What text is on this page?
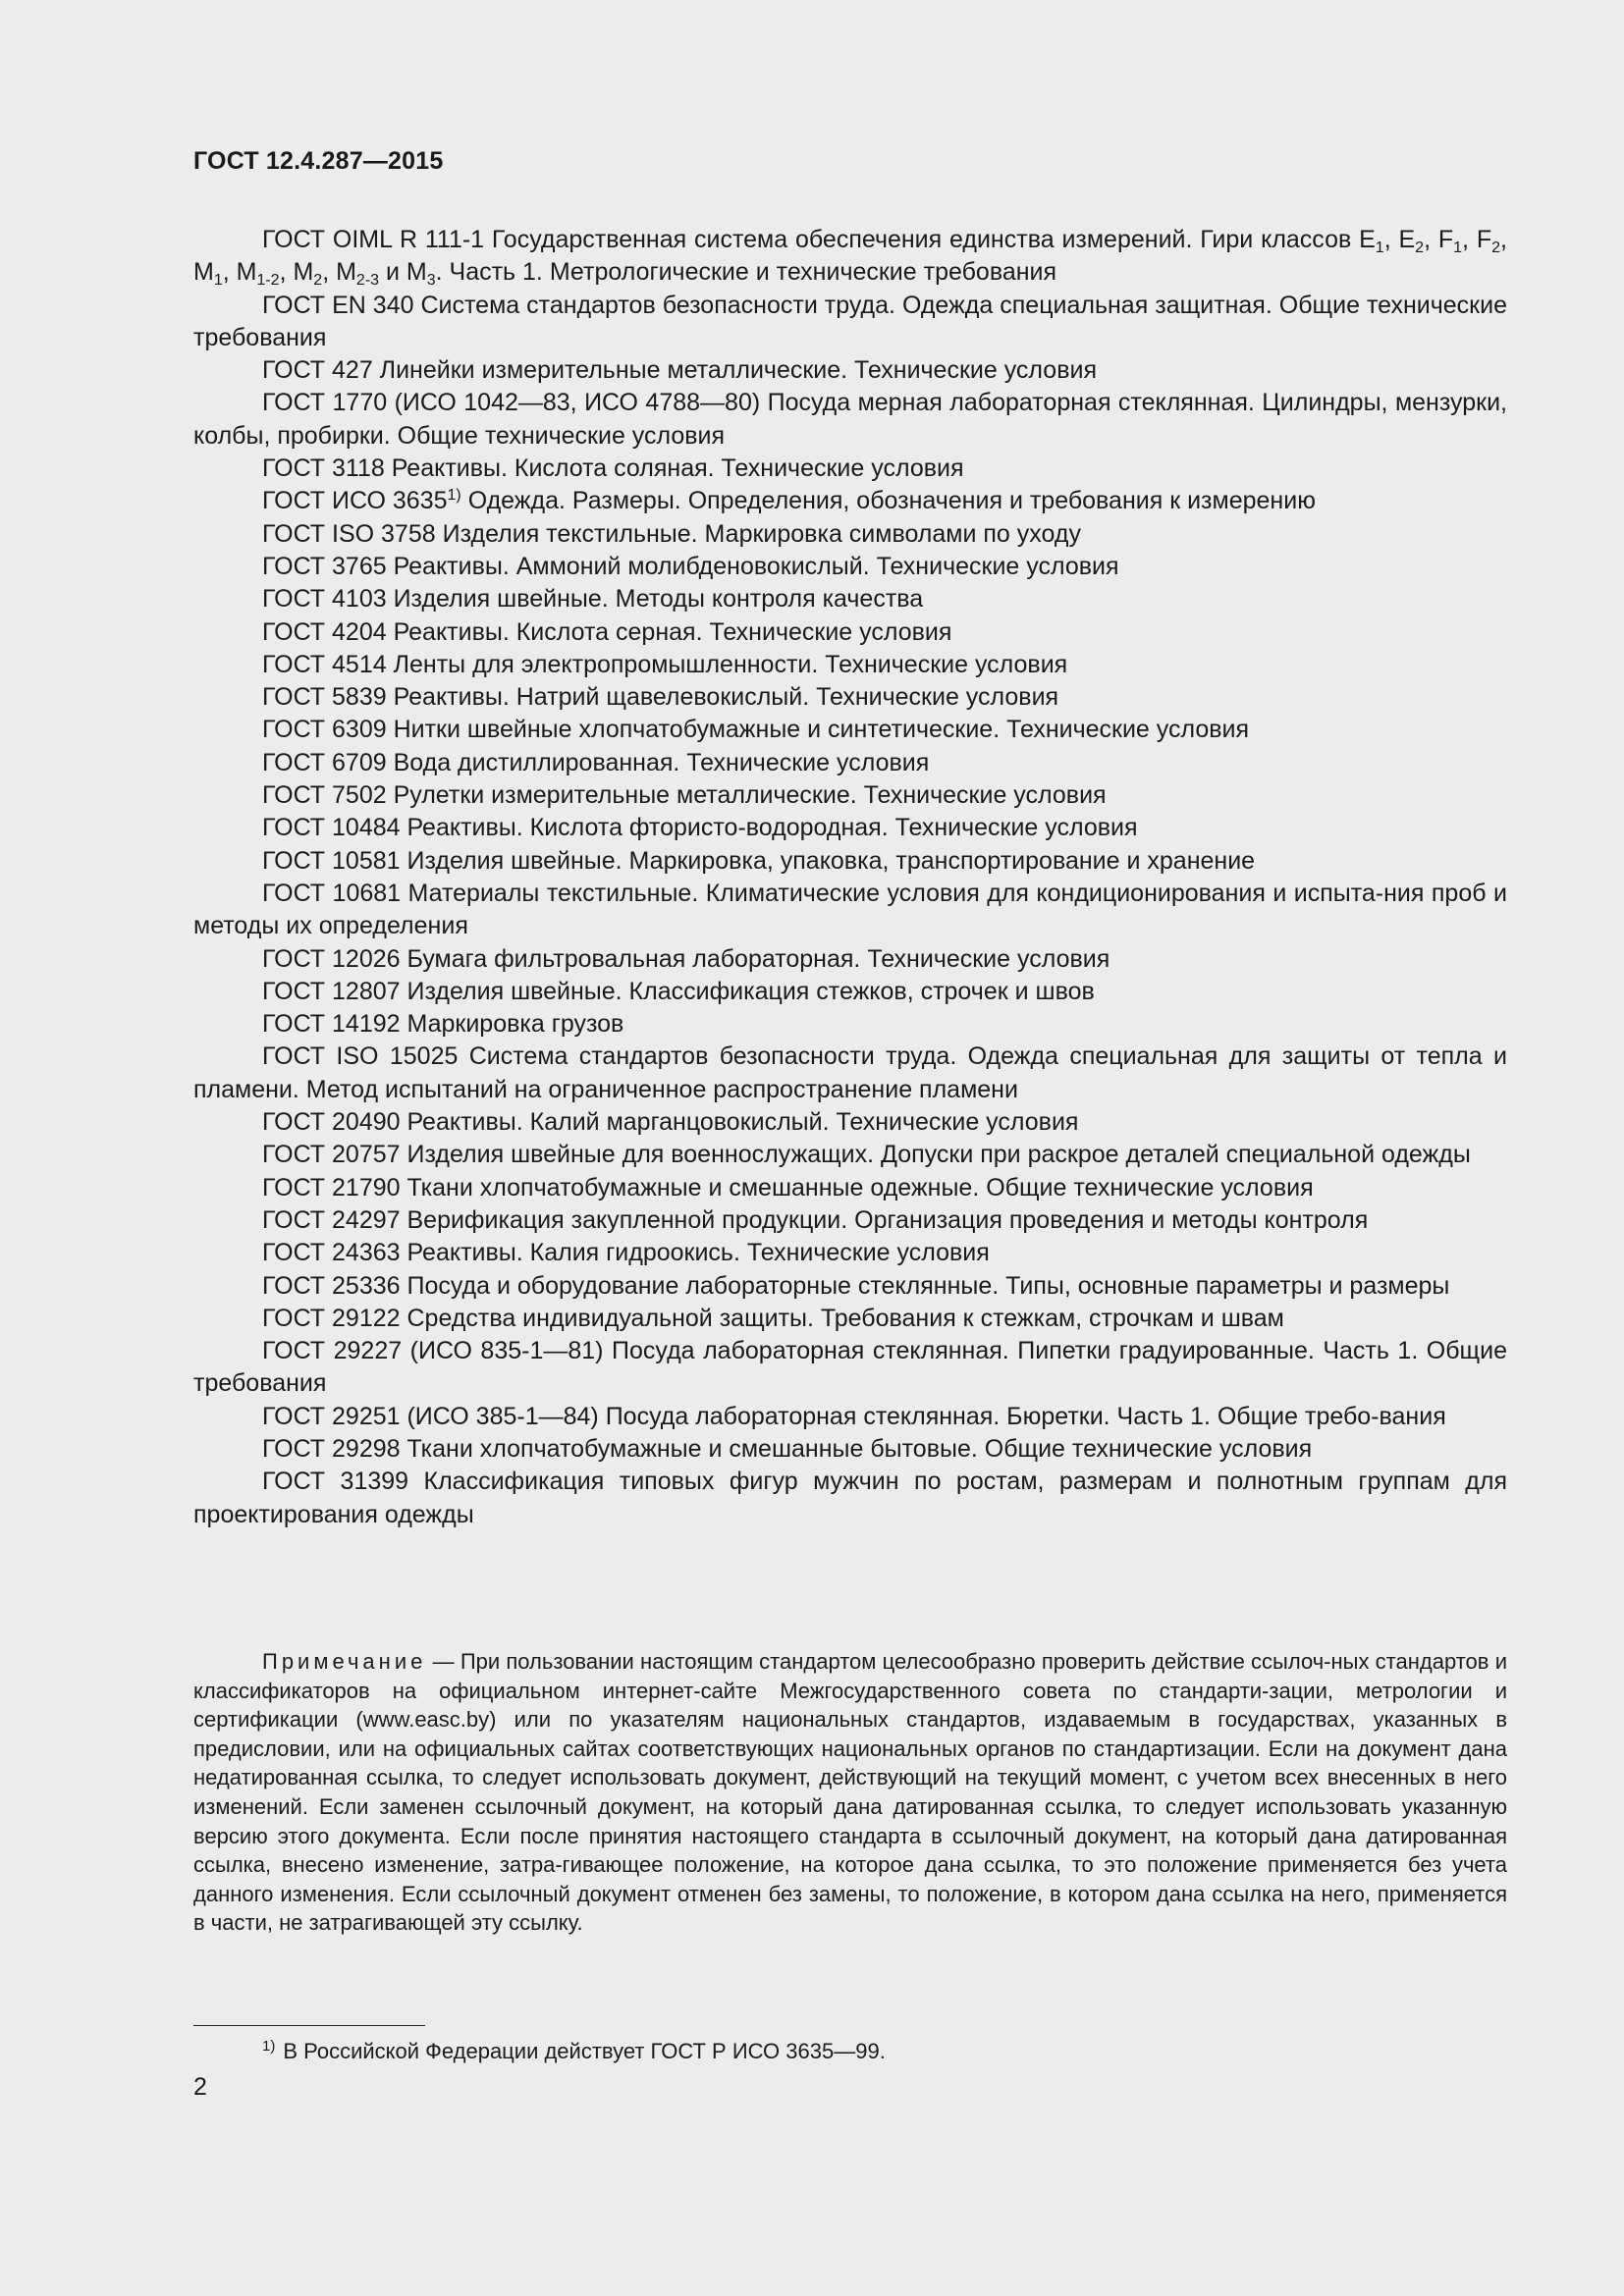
ГОСТ 12.4.287—2015

ГОСТ OIML R 111-1 Государственная система обеспечения единства измерений. Гири классов $E_1$, $E_2$, $F_1$, $F_2$, $M_1$, $M_{1-2}$, $M_2$, $M_{2-3}$ и $M_3$. Часть 1. Метрологические и технические требования

ГОСТ EN 340 Система стандартов безопасности труда. Одежда специальная защитная. Общие технические требования

ГОСТ 427 Линейки измерительные металлические. Технические условия

ГОСТ 1770 (ИСО 1042—83, ИСО 4788—80) Посуда мерная лабораторная стеклянная. Цилиндры, мензурки, колбы, пробирки. Общие технические условия

ГОСТ 3118 Реактивы. Кислота соляная. Технические условия

ГОСТ ИСО 3635$^{1)}$ Одежда. Размеры. Определения, обозначения и требования к измерению

ГОСТ ISO 3758 Изделия текстильные. Маркировка символами по уходу

ГОСТ 3765 Реактивы. Аммоний молибденовокислый. Технические условия

ГОСТ 4103 Изделия швейные. Методы контроля качества

ГОСТ 4204 Реактивы. Кислота серная. Технические условия

ГОСТ 4514 Ленты для электропромышленности. Технические условия

ГОСТ 5839 Реактивы. Натрий щавелевокислый. Технические условия

ГОСТ 6309 Нитки швейные хлопчатобумажные и синтетические. Технические условия

ГОСТ 6709 Вода дистиллированная. Технические условия

ГОСТ 7502 Рулетки измерительные металлические. Технические условия

ГОСТ 10484 Реактивы. Кислота фтористо-водородная. Технические условия

ГОСТ 10581 Изделия швейные. Маркировка, упаковка, транспортирование и хранение

ГОСТ 10681 Материалы текстильные. Климатические условия для кондиционирования и испыта-ния проб и методы их определения

ГОСТ 12026 Бумага фильтровальная лабораторная. Технические условия

ГОСТ 12807 Изделия швейные. Классификация стежков, строчек и швов

ГОСТ 14192 Маркировка грузов

ГОСТ ISO 15025 Система стандартов безопасности труда. Одежда специальная для защиты от тепла и пламени. Метод испытаний на ограниченное распространение пламени

ГОСТ 20490 Реактивы. Калий марганцовокислый. Технические условия

ГОСТ 20757 Изделия швейные для военнослужащих. Допуски при раскрое деталей специальной одежды

ГОСТ 21790 Ткани хлопчатобумажные и смешанные одежные. Общие технические условия

ГОСТ 24297 Верификация закупленной продукции. Организация проведения и методы контроля

ГОСТ 24363 Реактивы. Калия гидроокись. Технические условия

ГОСТ 25336 Посуда и оборудование лабораторные стеклянные. Типы, основные параметры и размеры

ГОСТ 29122 Средства индивидуальной защиты. Требования к стежкам, строчкам и швам

ГОСТ 29227 (ИСО 835-1—81) Посуда лабораторная стеклянная. Пипетки градуированные. Часть 1. Общие требования

ГОСТ 29251 (ИСО 385-1—84) Посуда лабораторная стеклянная. Бюретки. Часть 1. Общие требо-вания

ГОСТ 29298 Ткани хлопчатобумажные и смешанные бытовые. Общие технические условия

ГОСТ 31399 Классификация типовых фигур мужчин по ростам, размерам и полнотным группам для проектирования одежды

Примечание — При пользовании настоящим стандартом целесообразно проверить действие ссылоч-ных стандартов и классификаторов на официальном интернет-сайте Межгосударственного совета по стандарти-зации, метрологии и сертификации (www.easc.by) или по указателям национальных стандартов, издаваемым в государствах, указанных в предисловии, или на официальных сайтах соответствующих национальных органов по стандартизации. Если на документ дана недатированная ссылка, то следует использовать документ, действующий на текущий момент, с учетом всех внесенных в него изменений. Если заменен ссылочный документ, на который дана датированная ссылка, то следует использовать указанную версию этого документа. Если после принятия настоящего стандарта в ссылочный документ, на который дана датированная ссылка, внесено изменение, затра-гивающее положение, на которое дана ссылка, то это положение применяется без учета данного изменения. Если ссылочный документ отменен без замены, то положение, в котором дана ссылка на него, применяется в части, не затрагивающей эту ссылку.

$^{1)}$ В Российской Федерации действует ГОСТ Р ИСО 3635—99.
2
